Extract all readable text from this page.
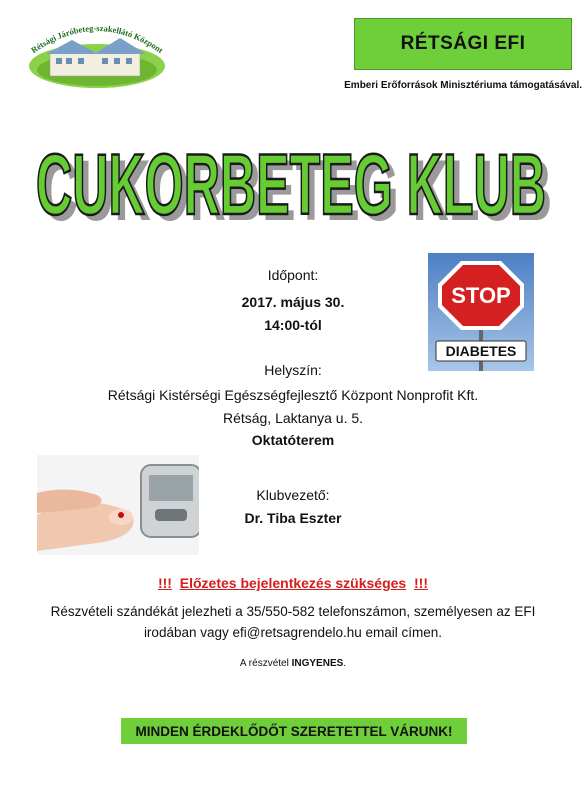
Rétsági Járóbeteg-szakellátó Központ	RÉTSÁGI EFI
Emberi Erőforrások Minisztériuma támogatásával.
CUKORBETEG KLUB
CUKORBETEG KLUB
STOP
DIABETES
Időpont:
2017. május 30.
14:00-tól
Helyszín:
Rétsági Kistérségi Egészségfejlesztő Központ Nonprofit Kft.
Rétság, Laktanya u. 5.
Oktatóterem
Klubvezető:
Dr. Tiba Eszter
!!! Előzetes bejelentkezés szükséges !!!
Részvételi szándékát jelezheti a 35/550-582 telefonszámon, személyesen az EFI
irodában vagy efi@retsagrendelo.hu email címen.
A részvétel INGYENES.
MINDEN ÉRDEKLŐDŐT SZERETETTEL VÁRUNK!
